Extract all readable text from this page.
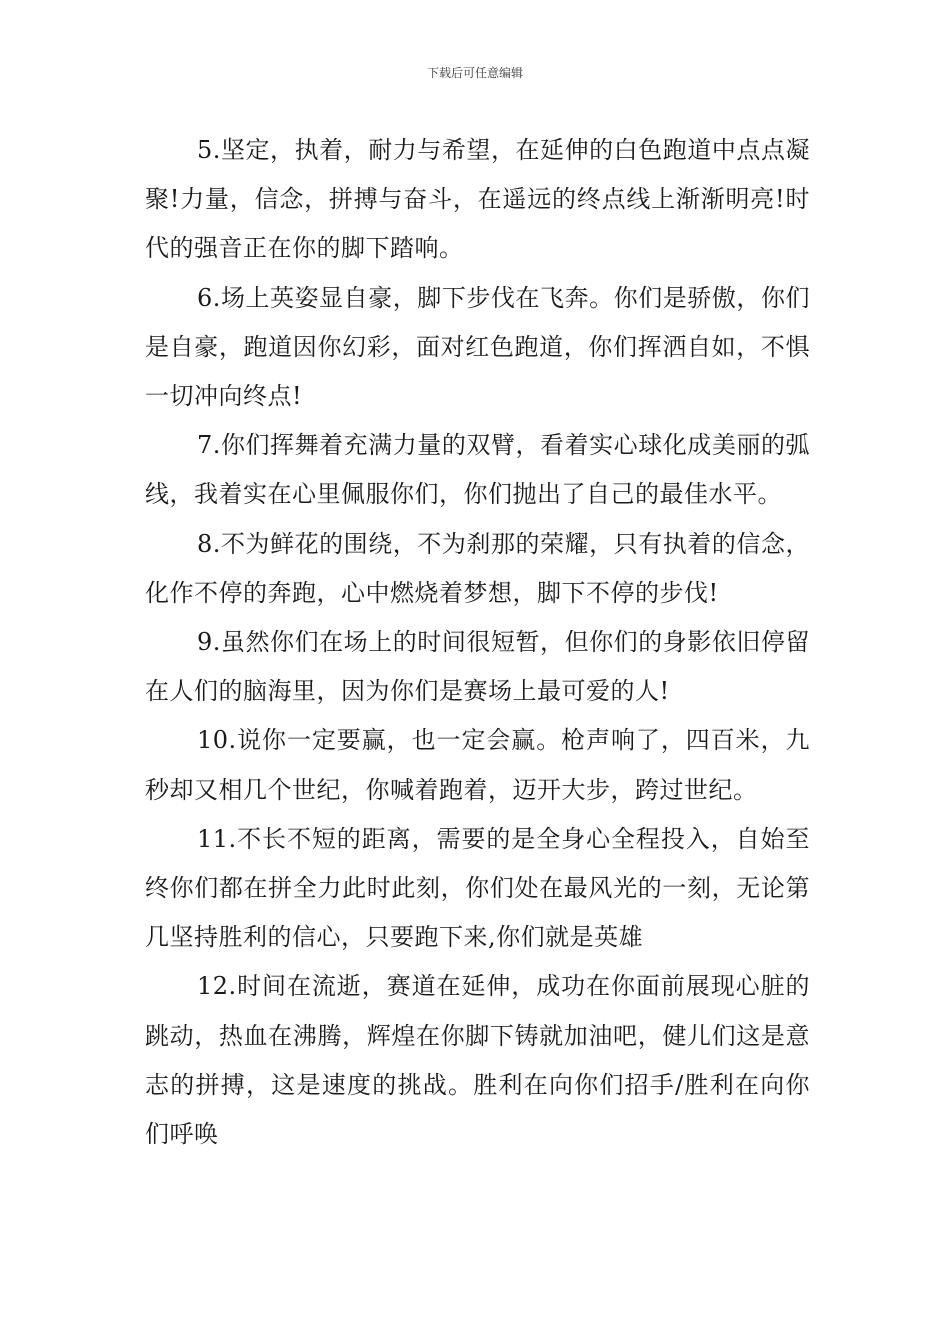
下载后可任意编辑

5.坚定，执着，耐力与希望，在延伸的白色跑道中点点凝聚!力量，信念，拼搏与奋斗，在遥远的终点线上渐渐明亮!时代的强音正在你的脚下踏响。

6.场上英姿显自豪，脚下步伐在飞奔。你们是骄傲，你们是自豪，跑道因你幻彩，面对红色跑道，你们挥洒自如，不惧一切冲向终点!

7.你们挥舞着充满力量的双臂，看着实心球化成美丽的弧线，我着实在心里佩服你们，你们抛出了自己的最佳水平。

8.不为鲜花的围绕，不为刹那的荣耀，只有执着的信念，化作不停的奔跑，心中燃烧着梦想，脚下不停的步伐!

9.虽然你们在场上的时间很短暂，但你们的身影依旧停留在人们的脑海里，因为你们是赛场上最可爱的人!

10.说你一定要赢，也一定会赢。枪声响了，四百米，九秒却又相几个世纪，你喊着跑着，迈开大步，跨过世纪。

11.不长不短的距离，需要的是全身心全程投入，自始至终你们都在拼全力此时此刻，你们处在最风光的一刻，无论第几坚持胜利的信心，只要跑下来,你们就是英雄

12.时间在流逝，赛道在延伸，成功在你面前展现心脏的跳动，热血在沸腾，辉煌在你脚下铸就加油吧，健儿们这是意志的拼搏，这是速度的挑战。胜利在向你们招手/胜利在向你们呼唤
